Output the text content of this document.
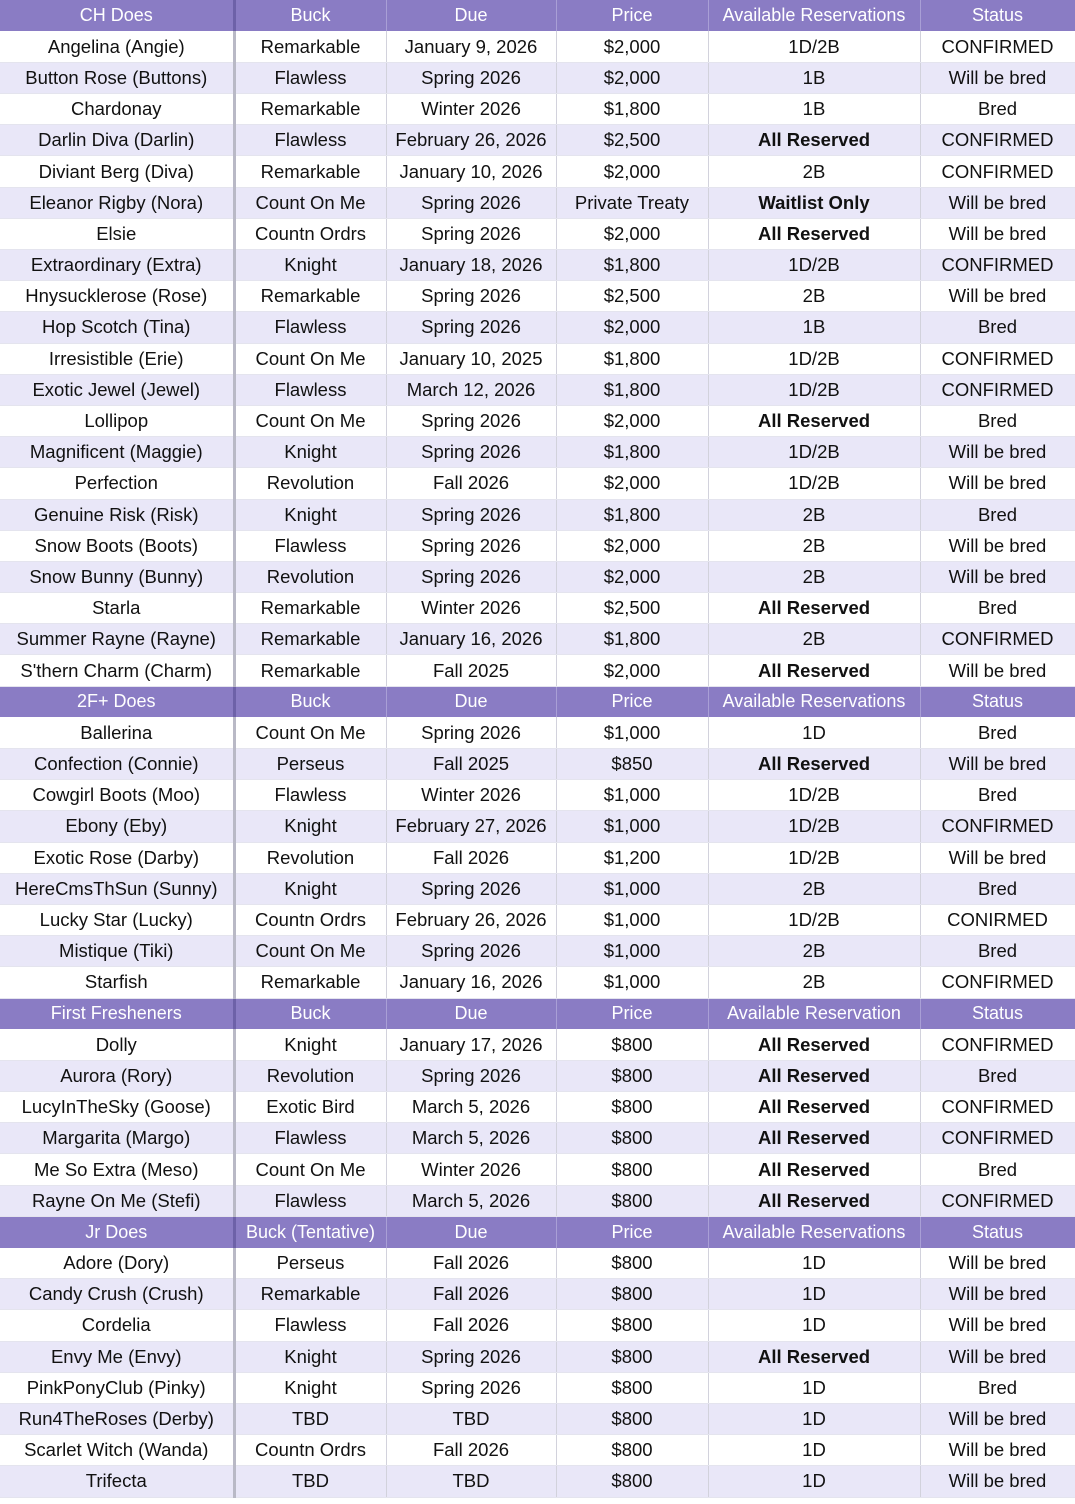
CH Does	Buck	Due	Price	Available Reservations	Status
Angelina (Angie)	Remarkable	January 9, 2026	$2,000	1D/2B	CONFIRMED
Button Rose (Buttons)	Flawless	Spring 2026	$2,000	1B	Will be bred
Chardonay	Remarkable	Winter 2026	$1,800	1B	Bred
Darlin Diva (Darlin)	Flawless	February 26, 2026	$2,500	All Reserved	CONFIRMED
Diviant Berg (Diva)	Remarkable	January 10, 2026	$2,000	2B	CONFIRMED
Eleanor Rigby (Nora)	Count On Me	Spring 2026	Private Treaty	Waitlist Only	Will be bred
Elsie	Countn Ordrs	Spring 2026	$2,000	All Reserved	Will be bred
Extraordinary (Extra)	Knight	January 18, 2026	$1,800	1D/2B	CONFIRMED
Hnysucklerose (Rose)	Remarkable	Spring 2026	$2,500	2B	Will be bred
Hop Scotch (Tina)	Flawless	Spring 2026	$2,000	1B	Bred
Irresistible (Erie)	Count On Me	January 10, 2025	$1,800	1D/2B	CONFIRMED
Exotic Jewel (Jewel)	Flawless	March 12, 2026	$1,800	1D/2B	CONFIRMED
Lollipop	Count On Me	Spring 2026	$2,000	All Reserved	Bred
Magnificent (Maggie)	Knight	Spring 2026	$1,800	1D/2B	Will be bred
Perfection	Revolution	Fall 2026	$2,000	1D/2B	Will be bred
Genuine Risk (Risk)	Knight	Spring 2026	$1,800	2B	Bred
Snow Boots (Boots)	Flawless	Spring 2026	$2,000	2B	Will be bred
Snow Bunny (Bunny)	Revolution	Spring 2026	$2,000	2B	Will be bred
Starla	Remarkable	Winter 2026	$2,500	All Reserved	Bred
Summer Rayne (Rayne)	Remarkable	January 16, 2026	$1,800	2B	CONFIRMED
S'thern Charm (Charm)	Remarkable	Fall 2025	$2,000	All Reserved	Will be bred
2F+ Does	Buck	Due	Price	Available Reservations	Status
Ballerina	Count On Me	Spring 2026	$1,000	1D	Bred
Confection (Connie)	Perseus	Fall 2025	$850	All Reserved	Will be bred
Cowgirl Boots (Moo)	Flawless	Winter 2026	$1,000	1D/2B	Bred
Ebony (Eby)	Knight	February 27, 2026	$1,000	1D/2B	CONFIRMED
Exotic Rose (Darby)	Revolution	Fall 2026	$1,200	1D/2B	Will be bred
HereCmsThSun (Sunny)	Knight	Spring 2026	$1,000	2B	Bred
Lucky Star (Lucky)	Countn Ordrs	February 26, 2026	$1,000	1D/2B	CONIRMED
Mistique (Tiki)	Count On Me	Spring 2026	$1,000	2B	Bred
Starfish	Remarkable	January 16, 2026	$1,000	2B	CONFIRMED
First Fresheners	Buck	Due	Price	Available Reservation	Status
Dolly	Knight	January 17, 2026	$800	All Reserved	CONFIRMED
Aurora (Rory)	Revolution	Spring 2026	$800	All Reserved	Bred
LucyInTheSky (Goose)	Exotic Bird	March 5, 2026	$800	All Reserved	CONFIRMED
Margarita (Margo)	Flawless	March 5, 2026	$800	All Reserved	CONFIRMED
Me So Extra (Meso)	Count On Me	Winter 2026	$800	All Reserved	Bred
Rayne On Me (Stefi)	Flawless	March 5, 2026	$800	All Reserved	CONFIRMED
Jr Does	Buck (Tentative)	Due	Price	Available Reservations	Status
Adore (Dory)	Perseus	Fall 2026	$800	1D	Will be bred
Candy Crush (Crush)	Remarkable	Fall 2026	$800	1D	Will be bred
Cordelia	Flawless	Fall 2026	$800	1D	Will be bred
Envy Me (Envy)	Knight	Spring 2026	$800	All Reserved	Will be bred
PinkPonyClub (Pinky)	Knight	Spring 2026	$800	1D	Bred
Run4TheRoses (Derby)	TBD	TBD	$800	1D	Will be bred
Scarlet Witch (Wanda)	Countn Ordrs	Fall 2026	$800	1D	Will be bred
Trifecta	TBD	TBD	$800	1D	Will be bred
